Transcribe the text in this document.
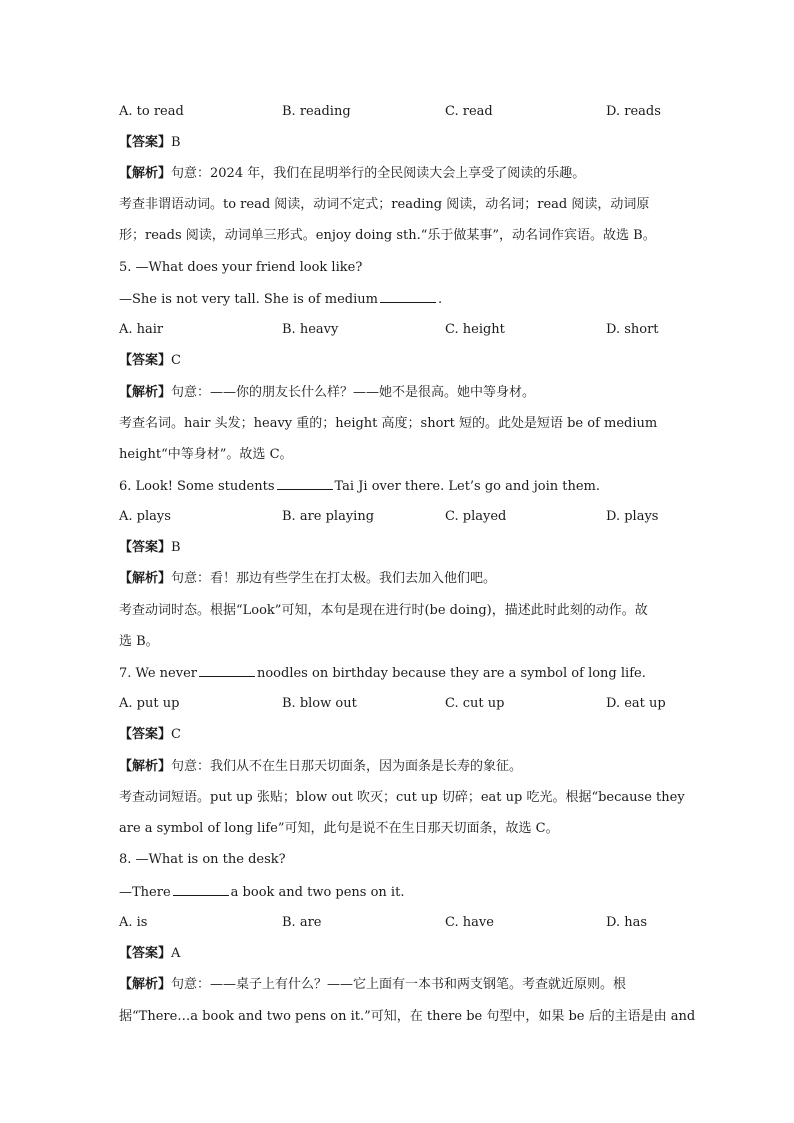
A. to read	B. reading	C. read	D. reads
【答案】B
【解析】句意：2024 年，我们在昆明举行的全民阅读大会上享受了阅读的乐趣。
考查非谓语动词。to read 阅读，动词不定式；reading 阅读，动名词；read 阅读，动词原
形；reads 阅读，动词单三形式。enjoy doing sth.“乐于做某事”，动名词作宾语。故选 B。
5. —What does your friend look like?
—She is not very tall. She is of medium	.
A. hair	B. heavy	C. height	D. short
【答案】C
【解析】句意：——你的朋友长什么样？——她不是很高。她中等身材。
考查名词。hair 头发；heavy 重的；height 高度；short 短的。此处是短语 be of medium
height“中等身材”。故选 C。
6. Look! Some students	Tai Ji over there. Let’s go and join them.
A. plays	B. are playing	C. played	D. plays
【答案】B
【解析】句意：看！那边有些学生在打太极。我们去加入他们吧。
考查动词时态。根据“Look”可知，本句是现在进行时(be doing)，描述此时此刻的动作。故
选 B。
7. We never	noodles on birthday because they are a symbol of long life.
A. put up	B. blow out	C. cut up	D. eat up
【答案】C
【解析】句意：我们从不在生日那天切面条，因为面条是长寿的象征。
考查动词短语。put up 张贴；blow out 吹灭；cut up 切碎；eat up 吃光。根据“because they
are a symbol of long life”可知，此句是说不在生日那天切面条，故选 C。
8. —What is on the desk?
—There	a book and two pens on it.
A. is	B. are	C. have	D. has
【答案】A
【解析】句意：——桌子上有什么？——它上面有一本书和两支钢笔。考查就近原则。根
据“There…a book and two pens on it.”可知，在 there be 句型中，如果 be 后的主语是由 and
